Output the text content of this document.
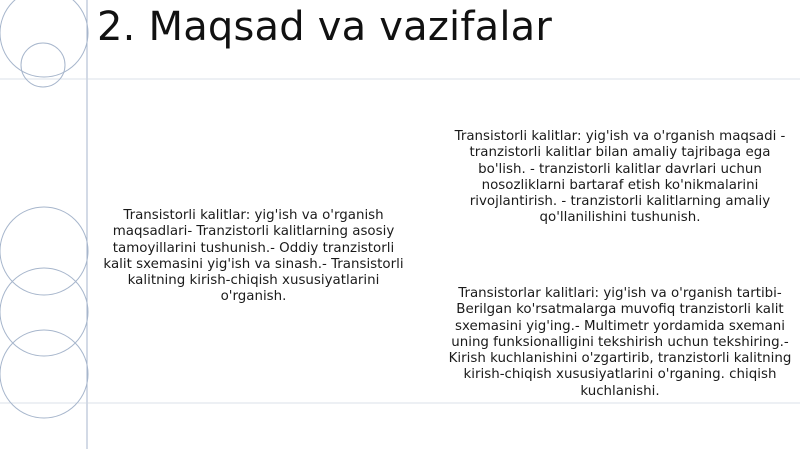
2. Maqsad va vazifalar
Transistorli kalitlar: yig'ish va o'rganish maqsadlari- Tranzistorli kalitlarning asosiy tamoyillarini tushunish.- Oddiy tranzistorli kalit sxemasini yig'ish va sinash.- Transistorli kalitning kirish-chiqish xususiyatlarini o'rganish.
Transistorli kalitlar: yig'ish va o'rganish maqsadi - tranzistorli kalitlar bilan amaliy tajribaga ega bo'lish. - tranzistorli kalitlar davrlari uchun nosozliklarni bartaraf etish ko'nikmalarini rivojlantirish. - tranzistorli kalitlarning amaliy qo'llanilishini tushunish.
Transistorlar kalitlari: yig'ish va o'rganish tartibi- Berilgan ko'rsatmalarga muvofiq tranzistorli kalit sxemasini yig'ing.- Multimetr yordamida sxemani uning funksionalligini tekshirish uchun tekshiring.- Kirish kuchlanishini o'zgartirib, tranzistorli kalitning kirish-chiqish xususiyatlarini o'rganing. chiqish kuchlanishi.
